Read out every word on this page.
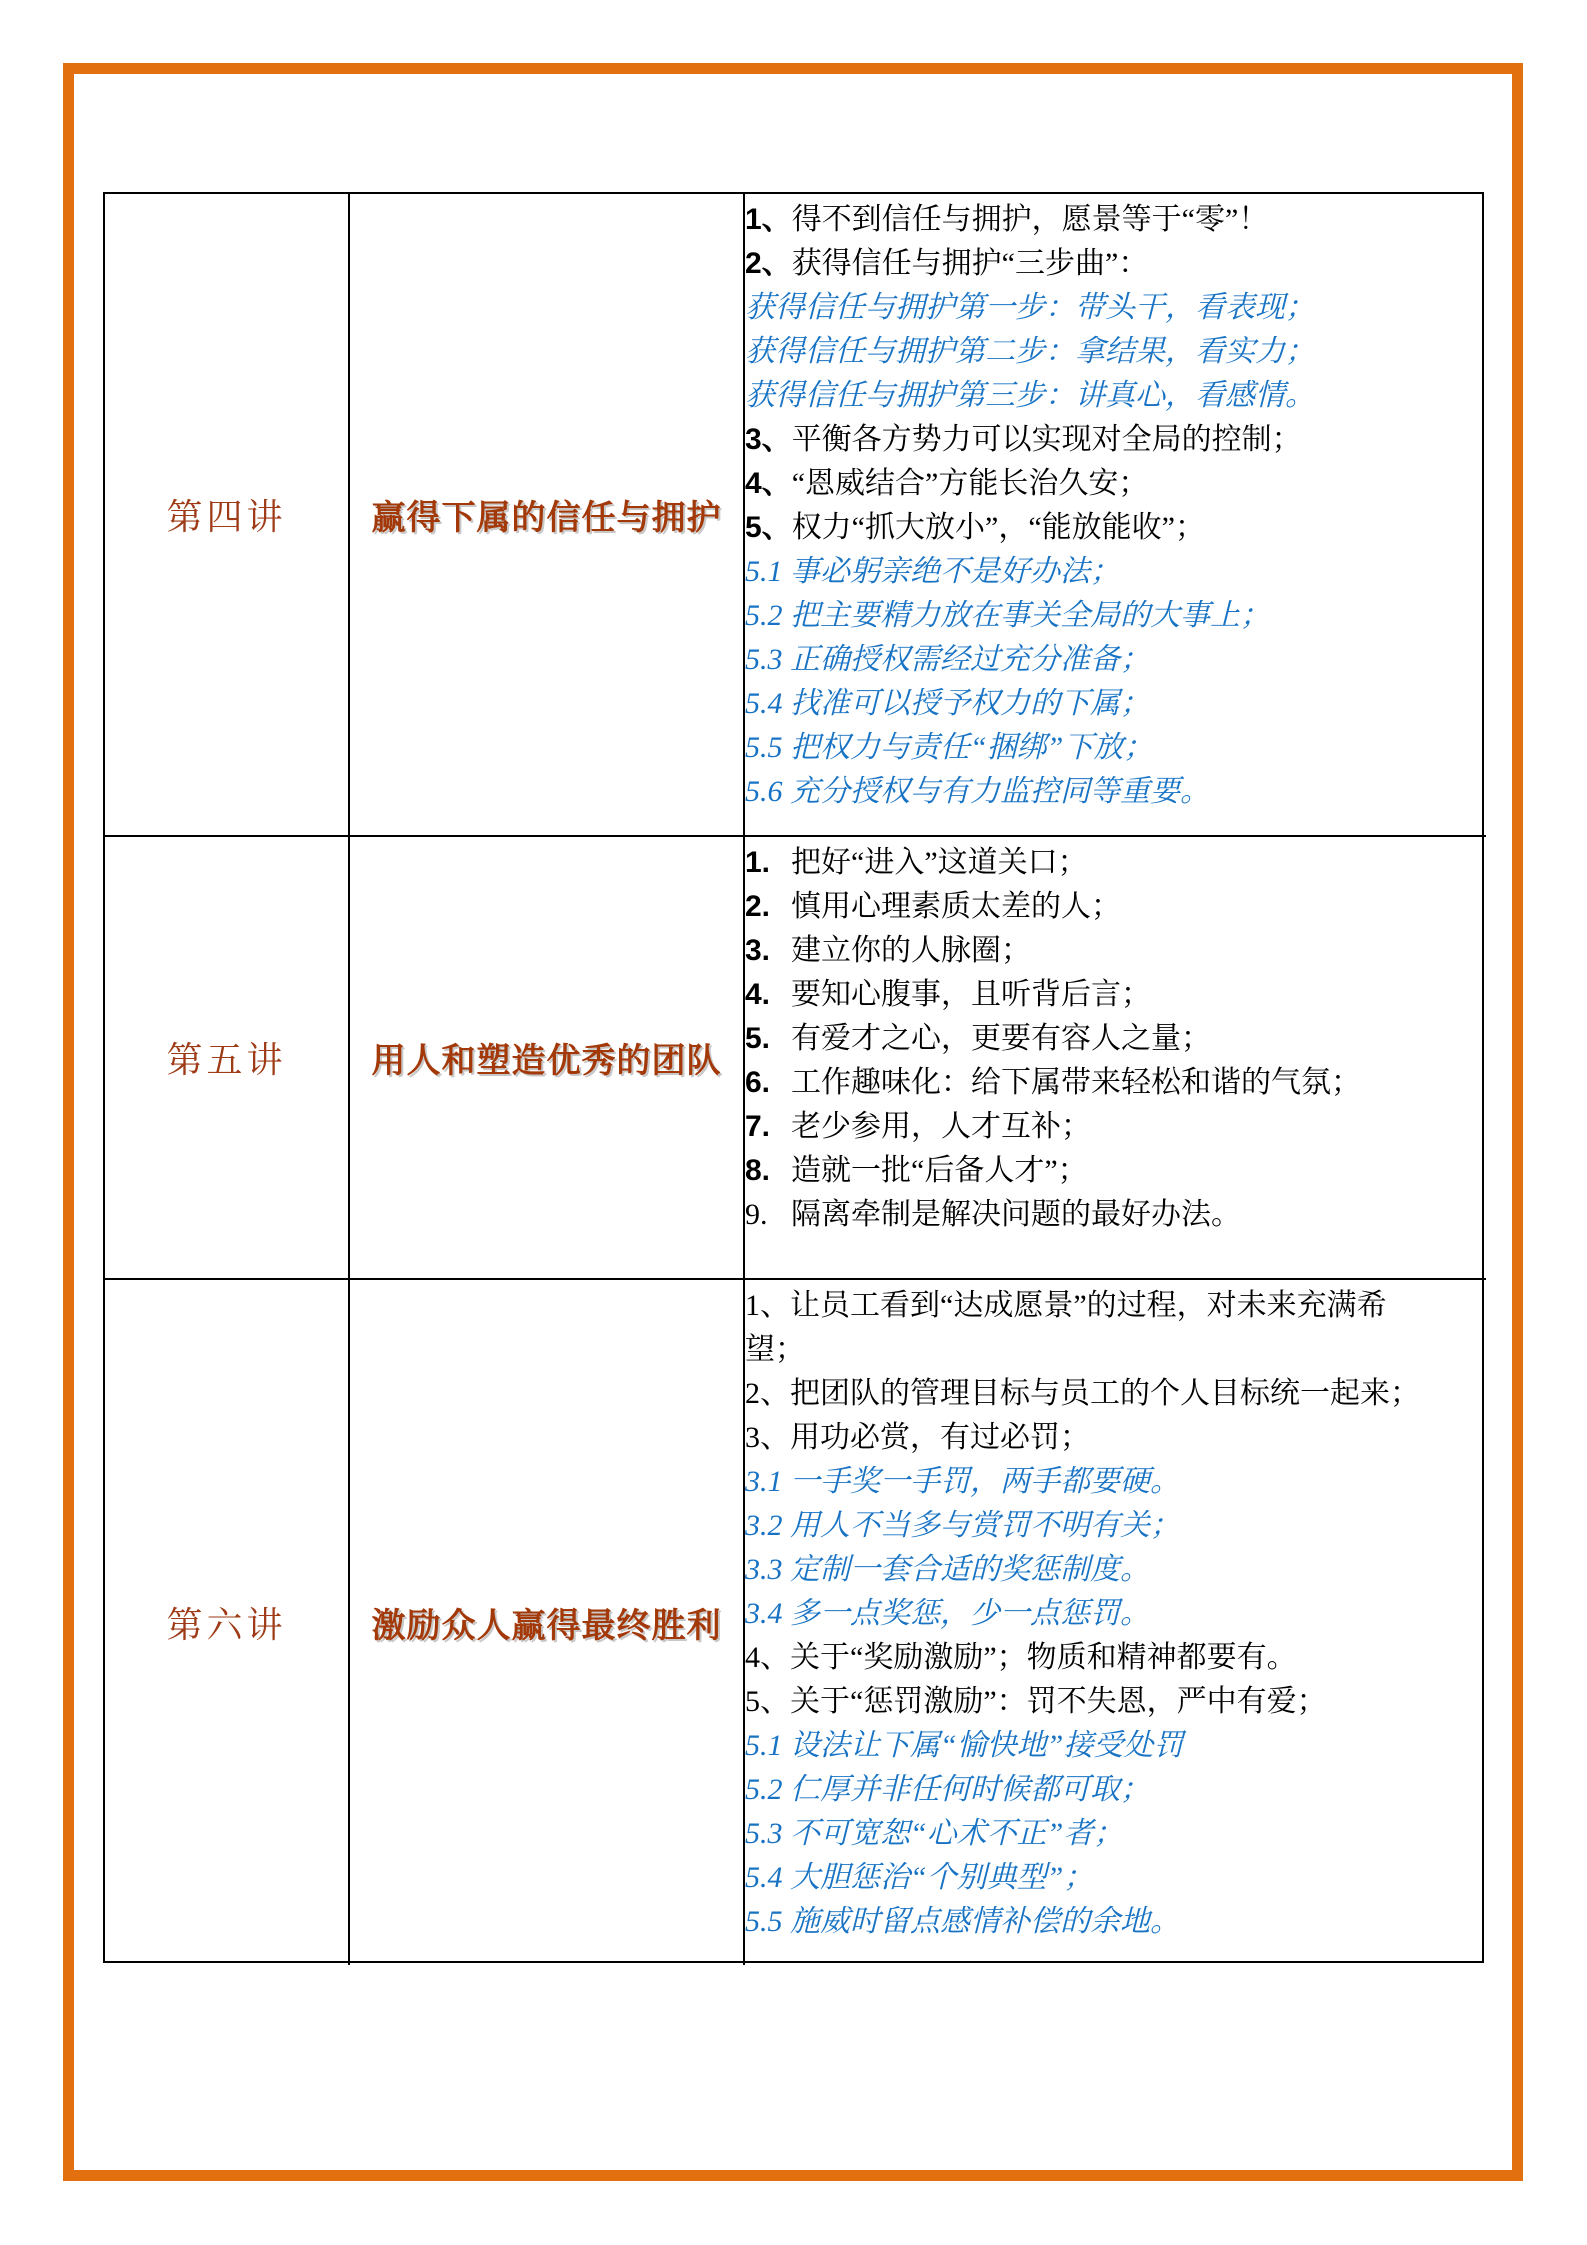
第四讲	赢得下属的信任与拥护
1、得不到信任与拥护，愿景等于“零”！
2、获得信任与拥护“三步曲”：
获得信任与拥护第一步：带头干，看表现；
获得信任与拥护第二步：拿结果，看实力；
获得信任与拥护第三步：讲真心，看感情。
3、平衡各方势力可以实现对全局的控制；
4、“恩威结合”方能长治久安；
5、权力“抓大放小”，“能放能收”；
5.1 事必躬亲绝不是好办法；
5.2 把主要精力放在事关全局的大事上；
5.3 正确授权需经过充分准备；
5.4 找准可以授予权力的下属；
5.5 把权力与责任“捆绑”下放；
5.6 充分授权与有力监控同等重要。
第五讲	用人和塑造优秀的团队
1. 把好“进入”这道关口；
2. 慎用心理素质太差的人；
3. 建立你的人脉圈；
4. 要知心腹事，且听背后言；
5. 有爱才之心，更要有容人之量；
6. 工作趣味化：给下属带来轻松和谐的气氛；
7. 老少参用，人才互补；
8. 造就一批“后备人才”；
9. 隔离牵制是解决问题的最好办法。
第六讲	激励众人赢得最终胜利
1、让员工看到“达成愿景”的过程，对未来充满希
望；
2、把团队的管理目标与员工的个人目标统一起来；
3、用功必赏，有过必罚；
3.1 一手奖一手罚，两手都要硬。
3.2 用人不当多与赏罚不明有关；
3.3 定制一套合适的奖惩制度。
3.4 多一点奖惩，少一点惩罚。
4、关于“奖励激励”；物质和精神都要有。
5、关于“惩罚激励”：罚不失恩，严中有爱；
5.1 设法让下属“愉快地”接受处罚
5.2 仁厚并非任何时候都可取；
5.3 不可宽恕“心术不正”者；
5.4 大胆惩治“个别典型”；
5.5 施威时留点感情补偿的余地。
